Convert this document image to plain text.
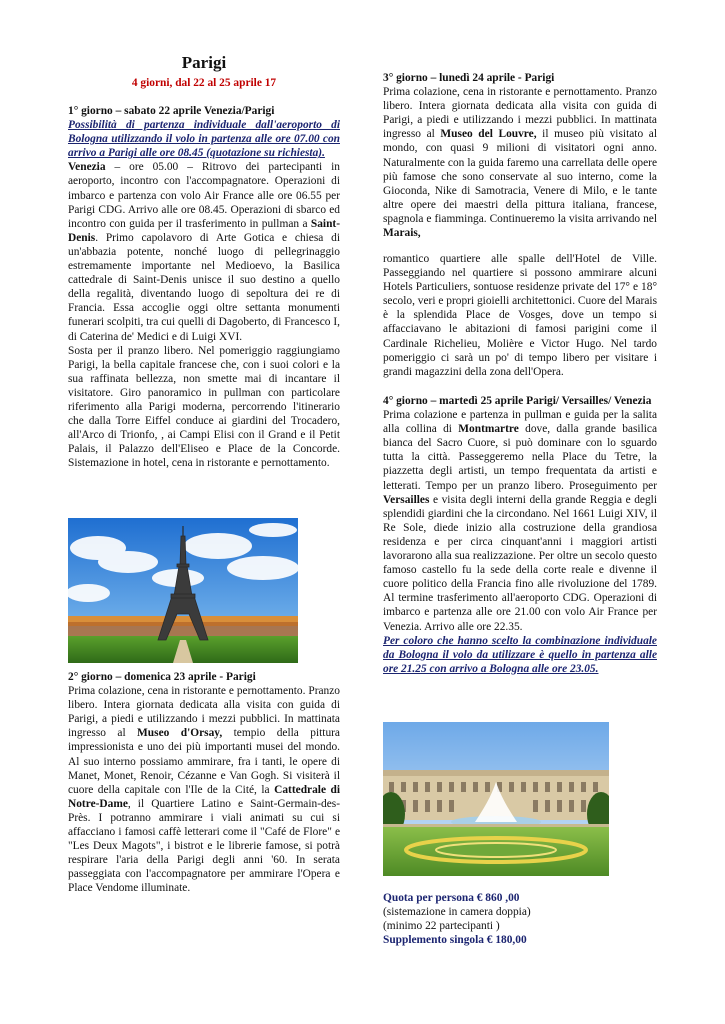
Parigi
4 giorni, dal 22 al 25 aprile 17

1° giorno – sabato 22 aprile Venezia/Parigi

Possibilità di partenza individuale dall'aeroporto di Bologna utilizzando il volo in partenza alle ore 07.00 con arrivo a Parigi alle ore 08.45 (quotazione su richiesta).

Venezia – ore 05.00 – Ritrovo dei partecipanti in aeroporto, incontro con l'accompagnatore. Operazioni di imbarco e partenza con volo Air France alle ore 06.55 per Parigi CDG. Arrivo alle ore 08.45. Operazioni di sbarco ed incontro con guida per il trasferimento in pullman a Saint-Denis. Primo capolavoro di Arte Gotica e chiesa di un'abbazia potente, nonché luogo di pellegrinaggio estremamente importante nel Medioevo, la Basilica cattedrale di Saint-Denis unisce il suo destino a quello della regalità, diventando luogo di sepoltura dei re di Francia. Essa accoglie oggi oltre settanta monumenti funerari scolpiti, tra cui quelli di Dagoberto, di Francesco I, di Caterina de' Medici e di Luigi XVI.

Sosta per il pranzo libero. Nel pomeriggio raggiungiamo Parigi, la bella capitale francese che, con i suoi colori e la sua raffinata bellezza, non smette mai di incantare il visitatore. Giro panoramico in pullman con particolare riferimento alla Parigi moderna, percorrendo l'itinerario che dalla Torre Eiffel conduce ai giardini del Trocadero, all'Arco di Trionfo, , ai Campi Elisi con il Grand e il Petit Palais, il Palazzo dell'Eliseo e Place de la Concorde. Sistemazione in hotel, cena in ristorante e pernottamento.

2° giorno – domenica 23 aprile - Parigi

Prima colazione, cena in ristorante e pernottamento. Pranzo libero. Intera giornata dedicata alla visita con guida di Parigi, a piedi e utilizzando i mezzi pubblici. In mattinata ingresso al Museo d'Orsay, tempio della pittura impressionista e uno dei più importanti musei del mondo. Al suo interno possiamo ammirare, fra i tanti, le opere di Manet, Monet, Renoir, Cézanne e Van Gogh. Si visiterà il cuore della capitale con l'Ile de la Cité, la Cattedrale di Notre-Dame, il Quartiere Latino e Saint-Germain-des-Près. I potranno ammirare i viali animati su cui si affacciano i famosi caffè letterari come il "Café de Flore" e "Les Deux Magots", i bistrot e le librerie famose, si potrà respirare l'aria della Parigi degli anni '60. In serata passeggiata con l'accompagnatore per ammirare l'Opera e Place Vendome illuminate.

3° giorno – lunedì 24 aprile - Parigi

Prima colazione, cena in ristorante e pernottamento. Pranzo libero. Intera giornata dedicata alla visita con guida di Parigi, a piedi e utilizzando i mezzi pubblici. In mattinata ingresso al Museo del Louvre, il museo più visitato al mondo, con quasi 9 milioni di visitatori ogni anno. Naturalmente con la guida faremo una carrellata delle opere più famose che sono conservate al suo interno, come la Gioconda, Nike di Samotracia, Venere di Milo, e le tante altre opere dei maestri della pittura italiana, francese, spagnola e fiamminga. Continueremo la visita arrivando nel Marais,

romantico quartiere alle spalle dell'Hotel de Ville. Passeggiando nel quartiere si possono ammirare alcuni Hotels Particuliers, sontuose residenze private del 17° e 18° secolo, veri e propri gioielli architettonici. Cuore del Marais è la splendida Place de Vosges, dove un tempo si affacciavano le abitazioni di famosi parigini come il Cardinale Richelieu, Molière e Victor Hugo. Nel tardo pomeriggio ci sarà un po' di tempo libero per visitare i grandi magazzini della zona dell'Opera.

4° giorno – martedì 25 aprile Parigi/ Versailles/ Venezia

Prima colazione e partenza in pullman e guida per la salita alla collina di Montmartre dove, dalla grande basilica bianca del Sacro Cuore, si può dominare con lo sguardo tutta la città. Passeggeremo nella Place du Tetre, la piazzetta degli artisti, un tempo frequentata da artisti e letterati. Tempo per un pranzo libero. Proseguimento per Versailles e visita degli interni della grande Reggia e degli splendidi giardini che la circondano. Nel 1661 Luigi XIV, il Re Sole, diede inizio alla costruzione della grandiosa residenza e per circa cinquant'anni i maggiori artisti lavorarono alla sua realizzazione. Per oltre un secolo questo famoso castello fu la sede della corte reale e divenne il cuore politico della Francia fino alle rivoluzione del 1789. Al termine trasferimento all'aeroporto CDG. Operazioni di imbarco e partenza alle ore 21.00 con volo Air France per Venezia. Arrivo alle ore 22.35.

Per coloro che hanno scelto la combinazione individuale da Bologna il volo da utilizzare è quello in partenza alle ore 21.25 con arrivo a Bologna alle ore 23.05.

Quota per persona € 860 ,00

(sistemazione in camera doppia)

(minimo 22 partecipanti )

Supplemento singola € 180,00
